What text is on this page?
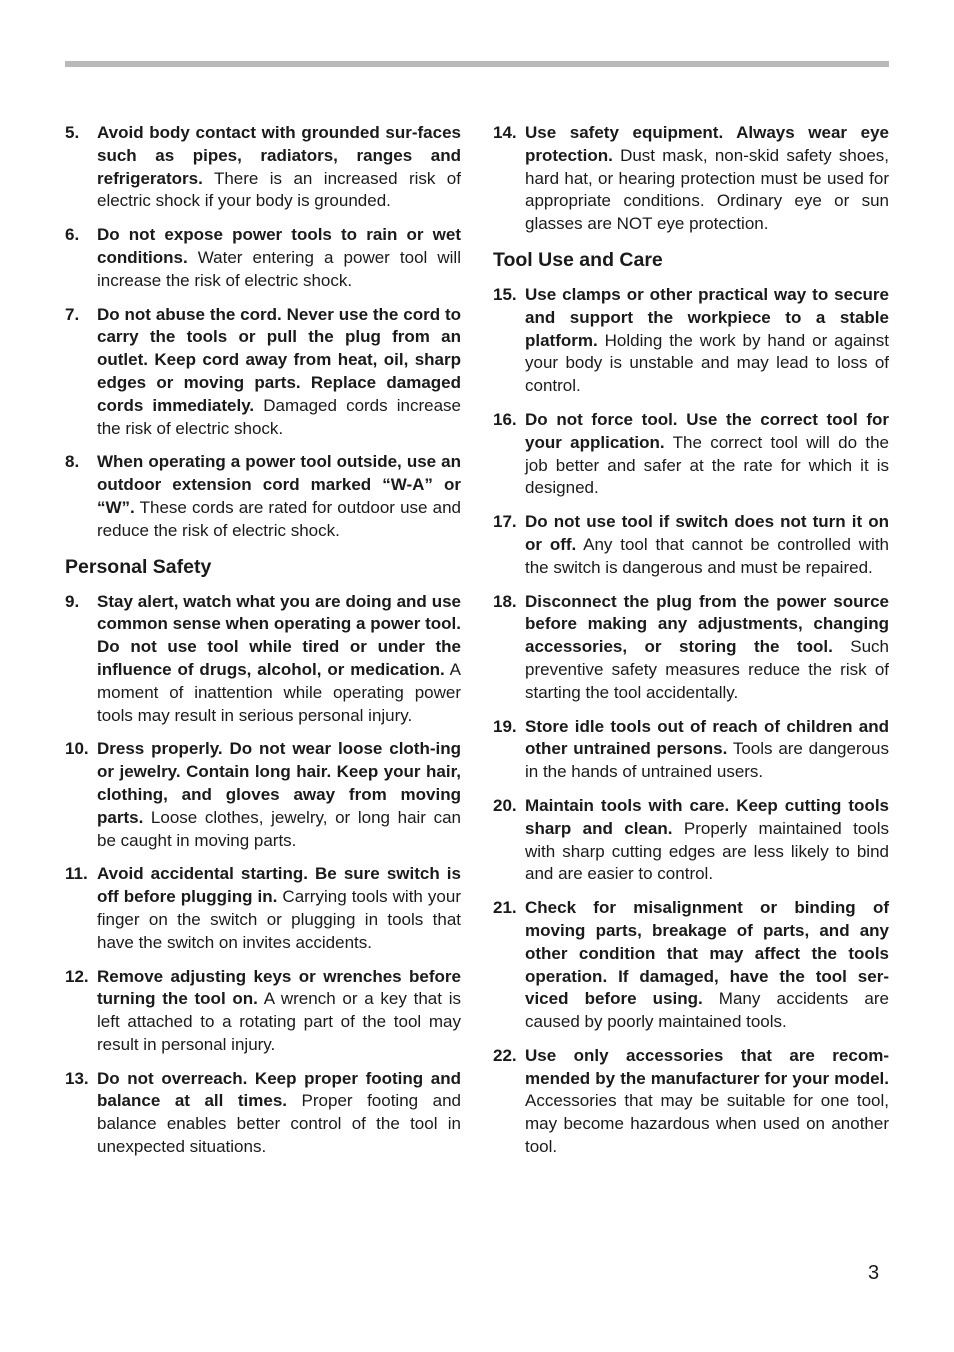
5.	Avoid body contact with grounded sur-faces such as pipes, radiators, ranges and refrigerators. There is an increased risk of electric shock if your body is grounded.
6.	Do not expose power tools to rain or wet conditions. Water entering a power tool will increase the risk of electric shock.
7.	Do not abuse the cord. Never use the cord to carry the tools or pull the plug from an outlet. Keep cord away from heat, oil, sharp edges or moving parts. Replace damaged cords immediately. Damaged cords increase the risk of electric shock.
8.	When operating a power tool outside, use an outdoor extension cord marked “W-A” or “W”. These cords are rated for outdoor use and reduce the risk of electric shock.
Personal Safety
9.	Stay alert, watch what you are doing and use common sense when operating a power tool. Do not use tool while tired or under the influence of drugs, alcohol, or medication. A moment of inattention while operating power tools may result in serious personal injury.
10. Dress properly. Do not wear loose cloth-ing or jewelry. Contain long hair. Keep your hair, clothing, and gloves away from moving parts. Loose clothes, jewelry, or long hair can be caught in moving parts.
11. Avoid accidental starting. Be sure switch is off before plugging in. Carrying tools with your finger on the switch or plugging in tools that have the switch on invites accidents.
12. Remove adjusting keys or wrenches before turning the tool on. A wrench or a key that is left attached to a rotating part of the tool may result in personal injury.
13. Do not overreach. Keep proper footing and balance at all times. Proper footing and balance enables better control of the tool in unexpected situations.
14. Use safety equipment. Always wear eye protection. Dust mask, non-skid safety shoes, hard hat, or hearing protection must be used for appropriate conditions. Ordinary eye or sun glasses are NOT eye protection.
Tool Use and Care
15. Use clamps or other practical way to secure and support the workpiece to a stable platform. Holding the work by hand or against your body is unstable and may lead to loss of control.
16. Do not force tool. Use the correct tool for your application. The correct tool will do the job better and safer at the rate for which it is designed.
17. Do not use tool if switch does not turn it on or off. Any tool that cannot be controlled with the switch is dangerous and must be repaired.
18. Disconnect the plug from the power source before making any adjustments, changing accessories, or storing the tool. Such preventive safety measures reduce the risk of starting the tool accidentally.
19. Store idle tools out of reach of children and other untrained persons. Tools are dangerous in the hands of untrained users.
20. Maintain tools with care. Keep cutting tools sharp and clean. Properly maintained tools with sharp cutting edges are less likely to bind and are easier to control.
21. Check for misalignment or binding of moving parts, breakage of parts, and any other condition that may affect the tools operation. If damaged, have the tool ser-viced before using. Many accidents are caused by poorly maintained tools.
22. Use only accessories that are recom-mended by the manufacturer for your model. Accessories that may be suitable for one tool, may become hazardous when used on another tool.
3
